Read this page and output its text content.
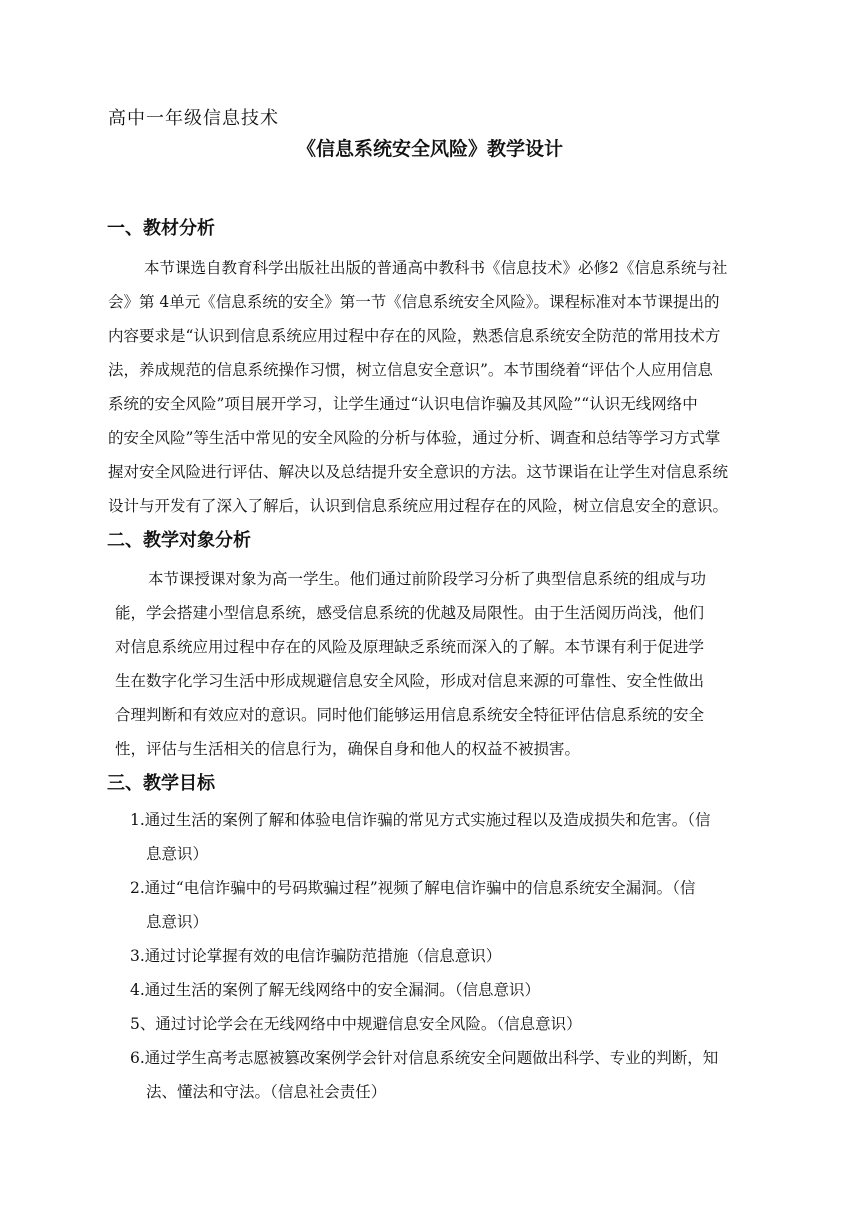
高中一年级信息技术
《信息系统安全风险》教学设计
一、教材分析
本节课选自教育科学出版社出版的普通高中教科书《信息技术》必修2《信息系统与社
会》第 4单元《信息系统的安全》第一节《信息系统安全风险》。课程标准对本节课提出的
内容要求是“认识到信息系统应用过程中存在的风险，熟悉信息系统安全防范的常用技术方
法，养成规范的信息系统操作习惯，树立信息安全意识”。本节围绕着“评估个人应用信息
系统的安全风险”项目展开学习，让学生通过“认识电信诈骗及其风险”“认识无线网络中
的安全风险”等生活中常见的安全风险的分析与体验，通过分析、调查和总结等学习方式掌
握对安全风险进行评估、解决以及总结提升安全意识的方法。这节课诣在让学生对信息系统
设计与开发有了深入了解后，认识到信息系统应用过程存在的风险，树立信息安全的意识。
二、教学对象分析
本节课授课对象为高一学生。他们通过前阶段学习分析了典型信息系统的组成与功
能，学会搭建小型信息系统，感受信息系统的优越及局限性。由于生活阅历尚浅，他们
对信息系统应用过程中存在的风险及原理缺乏系统而深入的了解。本节课有利于促进学
生在数字化学习生活中形成规避信息安全风险，形成对信息来源的可靠性、安全性做出
合理判断和有效应对的意识。同时他们能够运用信息系统安全特征评估信息系统的安全
性，评估与生活相关的信息行为，确保自身和他人的权益不被损害。
三、教学目标
1.通过生活的案例了解和体验电信诈骗的常见方式实施过程以及造成损失和危害。（信
息意识）
2.通过“电信诈骗中的号码欺骗过程”视频了解电信诈骗中的信息系统安全漏洞。（信
息意识）
3.通过讨论掌握有效的电信诈骗防范措施（信息意识）
4.通过生活的案例了解无线网络中的安全漏洞。（信息意识）
5、通过讨论学会在无线网络中中规避信息安全风险。（信息意识）
6.通过学生高考志愿被篡改案例学会针对信息系统安全问题做出科学、专业的判断，知
法、懂法和守法。（信息社会责任）
